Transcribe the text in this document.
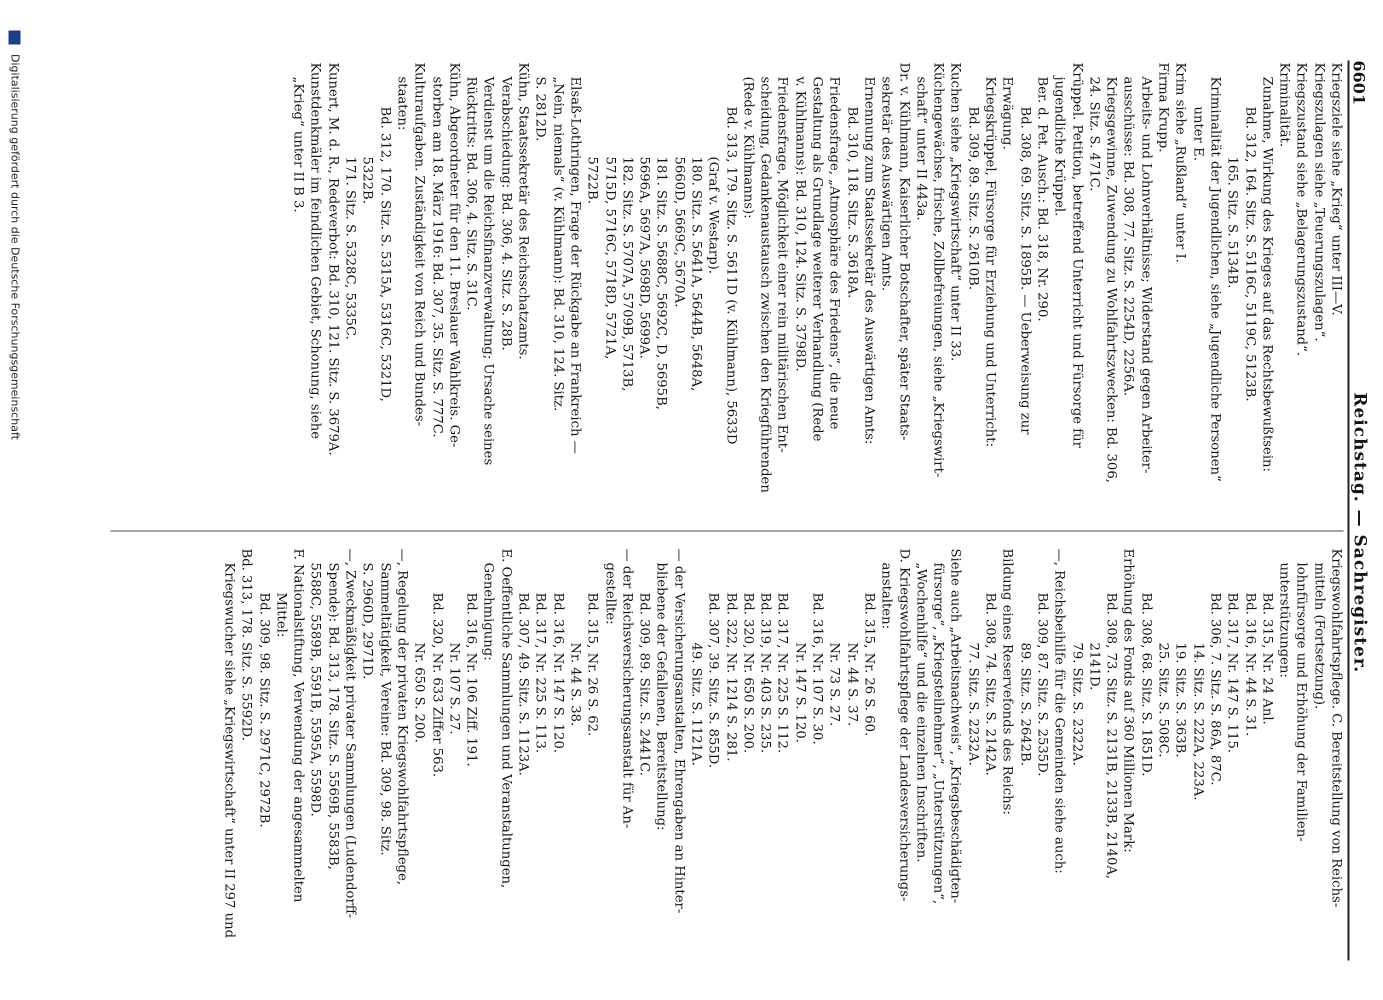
6601
Reichstag. — Sachregister.
Kriegsziele siehe „Krieg“ unter III—V.
Kriegszulagen siehe „Teuerungszulagen“.
Kriegszustand siehe „Belagerungszustand“.
Kriminalität.
Zunahme, Wirkung des Krieges auf das Rechtsbewußtsein:
Bd. 312, 164. Sitz. S. 5116C, 5119C, 5123B.
165. Sitz. S. 5134B.
Kriminalität der Jugendlichen, siehe „Jugendliche Personen“
unter E.
Krim siehe „Rußland“ unter I.
Firma Krupp.
Arbeits- und Lohnverhältnisse; Widerstand gegen Arbeiter-
ausschüsse: Bd. 308, 77. Sitz. S. 2254D, 2256A.
Kriegsgewinne, Zuwendung zu Wohlfahrtszwecken: Bd. 306,
24. Sitz. S. 471C.
Krüppel. Petition, betreffend Unterricht und Fürsorge für
jugendliche Krüppel.
Ber. d. Pet. Ausch.: Bd. 318, Nr. 290.
Bd. 308, 69. Sitz. S. 1895B. — Ueberweisung zur
Erwägung.
Kriegskrüppel, Fürsorge für Erziehung und Unterricht:
Bd. 309, 89. Sitz. S. 2610B.
Kuchen siehe „Kriegswirtschaft“ unter II 33.
Küchengewächse, frische, Zollbefreiungen, siehe „Kriegswirt-
schaft“ unter II 443a.
Dr. v. Kühlmann, Kaiserlicher Botschafter, später Staats-
sekretär des Auswärtigen Amts.
Ernennung zum Staatssekretär des Auswärtigen Amts:
Bd. 310, 118. Sitz. S. 3618A.
Friedensfrage, „Atmosphäre des Friedens“, die neue
Gestaltung als Grundlage weiterer Verhandlung (Rede
v. Kühlmanns): Bd. 310, 124. Sitz. S. 3798D.
Friedensfrage, Möglichkeit einer rein militärischen Ent-
scheidung, Gedankenaustausch zwischen den Kriegführenden
(Rede v. Kühlmanns):
Bd. 313, 179. Sitz. S. 5611D (v. Kühlmann), 5633D
(Graf v. Westarp).
180. Sitz. S. 5641A, 5644B, 5648A,
5660D, 5669C, 5670A.
181. Sitz. S. 5688C, 5692C, D, 5695B,
5696A, 5697A, 5698D, 5699A.
182. Sitz. S. 5707A, 5709B, 5713B,
5715D, 5716C, 5718D, 5721A,
5722B.
Elsaß-Lothringen, Frage der Rückgabe an Frankreich —
„Nein, niemals“ (v. Kühlmann): Bd. 310, 124. Sitz.
S. 2812D.
Kühn, Staatssekretär des Reichsschatzamts.
Verabschiedung: Bd. 306, 4. Sitz. S. 28B.
Verdienst um die Reichsfinanzverwaltung; Ursache seines
Rücktritts: Bd. 306, 4. Sitz. S. 31C.
Kühn, Abgeordneter für den 11. Breslauer Wahlkreis. Ge-
storben am 18. März 1916: Bd. 307, 35. Sitz. S. 777C.
Kulturaufgaben. Zuständigkeit von Reich und Bundes-
staaten:
Bd. 312, 170. Sitz. S. 5315A, 5316C, 5321D,
5322B.
171. Sitz. S. 5328C, 5335C.
Kunert, M. d. R., Redeverbot: Bd. 310, 121. Sitz. S. 3679A.
Kunstdenkmäler im feindlichen Gebiet, Schonung, siehe
„Krieg“ unter II B 3.
Kriegswohlfahrtspflege. C. Bereitstellung von Reichs-
mitteln (Fortsetzung).
lohnfürsorge und Erhöhung der Familien-
unterstützungen:
Bd. 315, Nr. 24 Anl.
Bd. 316, Nr. 44 S. 31.
Bd. 317, Nr. 147 S. 115.
Bd. 306, 7. Sitz. S. 86A, 87C.
14. Sitz. S. 222A, 223A.
19. Sitz. S. 363B.
25. Sitz. S. 508C.
Bd. 308, 68. Sitz. S. 1851D.
Erhöhung des Fonds auf 360 Millionen Mark:
Bd. 308, 73. Sitz. S. 2131B, 2133B, 2140A,
2141D.
79. Sitz. S. 2322A.
—, Reichsbeihilfe für die Gemeinden siehe auch:
Bd. 309, 87. Sitz. S. 2535D.
89. Sitz. S. 2642B.
Bildung eines Reservefonds des Reichs:
Bd. 308, 74. Sitz. S. 2142A.
77. Sitz. S. 2232A.
Siehe auch „Arbeitsnachweis“, „Kriegsbeschädigten-
fürsorge“, „Kriegsteilnehmer“, „Unterstützungen“,
„Wochenhilfe“ und die einzelnen Inschriften.
D. Kriegswohlfahrtspflege der Landesversicherungs-
anstalten:
Bd. 315, Nr. 26 S. 60.
Nr. 44 S. 37.
Nr. 73 S. 27.
Bd. 316, Nr. 107 S. 30.
Nr. 147 S. 120.
Bd. 317, Nr. 225 S. 112.
Bd. 319, Nr. 403 S. 235.
Bd. 320, Nr. 650 S. 200.
Bd. 322, Nr. 1214 S. 281.
Bd. 307, 39. Sitz. S. 855D.
49. Sitz. S. 1121A.
— der Versicherungsanstalten, Ehrengaben an Hinter-
bliebene der Gefallenen, Bereitstellung:
Bd. 309, 89. Sitz. S. 2441C.
— der Reichsversicherungsanstalt für An-
gestellte:
Bd. 315, Nr. 26 S. 62.
Nr. 44 S. 38.
Bd. 316, Nr. 147 S. 120.
Bd. 317, Nr. 225 S. 113.
Bd. 307, 49. Sitz. S. 1123A.
E. Oeffentliche Sammlungen und Veranstaltungen,
Genehmigung:
Bd. 316, Nr. 106 Ziff. 191.
Nr. 107 S. 27.
Bd. 320, Nr. 633 Ziffer 563.
Nr. 650 S. 200.
—, Regelung der privaten Kriegswohlfahrtspflege,
Sammeltätigkeit, Vereine: Bd. 309, 98. Sitz.
S. 2960D, 2971D.
—, Zweckmäßigkeit privater Sammlungen (Ludendorff-
Spende): Bd. 313, 178. Sitz. S. 5569B, 5583B,
5588C, 5589B, 5591B, 5595A, 5598D.
F. Nationalstiftung, Verwendung der angesammelten
Mittel:
Bd. 309, 98. Sitz. S. 2971C, 2972B.
Bd. 313, 178. Sitz. S. 5592D.
Kriegswucher siehe „Kriegswirtschaft“ unter II 297 und
Digitalisierung gefördert durch die Deutsche Forschungsgemeinschaft
